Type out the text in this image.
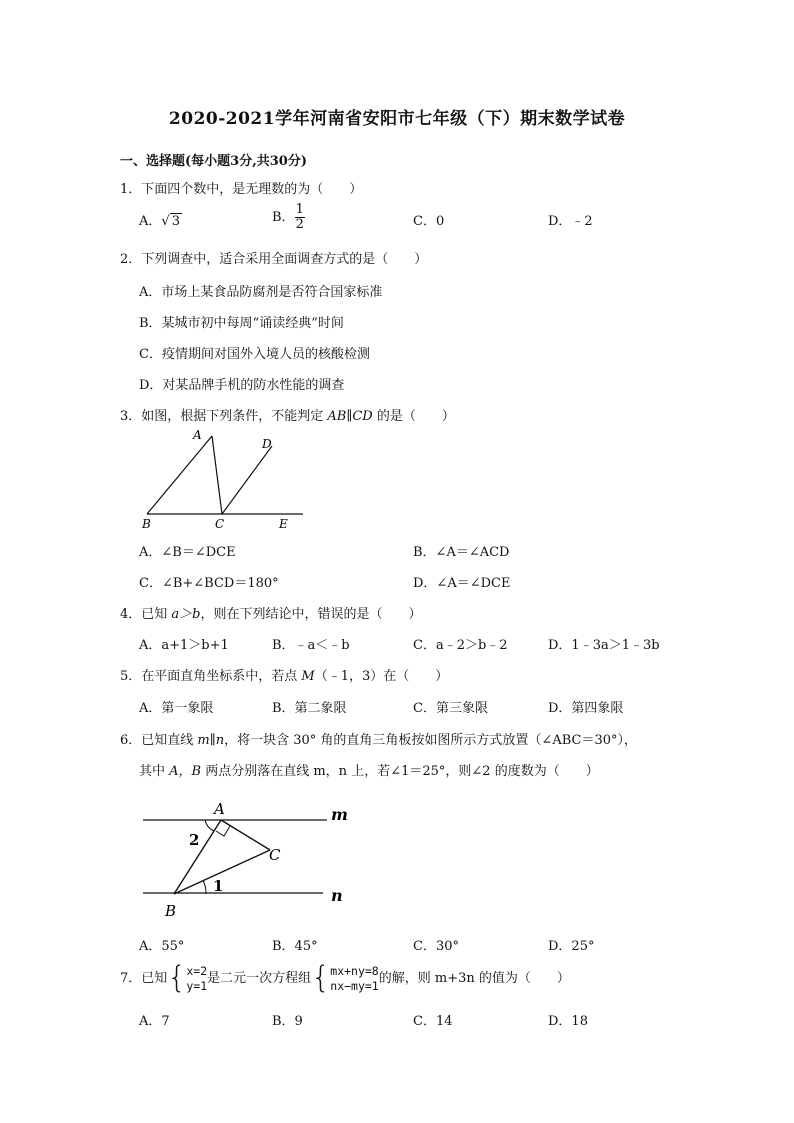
2020-2021学年河南省安阳市七年级（下）期末数学试卷
一、选择题(每小题3分,共30分)
1．下面四个数中，是无理数的为（　　）
A．√ 3	B． $\frac{1}{2}$	C．0	D．﹣2
2．下列调查中，适合采用全面调查方式的是（　　）
A．市场上某食品防腐剂是否符合国家标准
B．某城市初中每周“诵读经典”时间
C．疫情期间对国外入境人员的核酸检测
D．对某品牌手机的防水性能的调查
3．如图，根据下列条件，不能判定 AB∥CD 的是（　　）
A
D
B	C	E
A．∠B＝∠DCE	B．∠A＝∠ACD
C．∠B+∠BCD＝180°	D．∠A＝∠DCE
4．已知 a＞b，则在下列结论中，错误的是（　　）
A．a+1＞b+1	B．﹣a＜﹣b	C．a﹣2＞b﹣2	D．1﹣3a＞1﹣3b
5．在平面直角坐标系中，若点 M（﹣1，3）在（　　）
A．第一象限	B．第二象限	C．第三象限	D．第四象限
6．已知直线 m∥n，将一块含 30° 角的直角三角板按如图所示方式放置（∠ABC＝30°），
其中 A，B 两点分别落在直线 m，n 上，若∠1＝25°，则∠2 的度数为（　　）
A
C
B
m
n
2
1
A．55°	B．45°	C．30°	D．25°
7．已知{ x=2
y=1 是二元一次方程组{ mx+ny=8
nx−my=1 的解，则 m+3n 的值为（　　）
A．7	B．9	C．14	D．18
